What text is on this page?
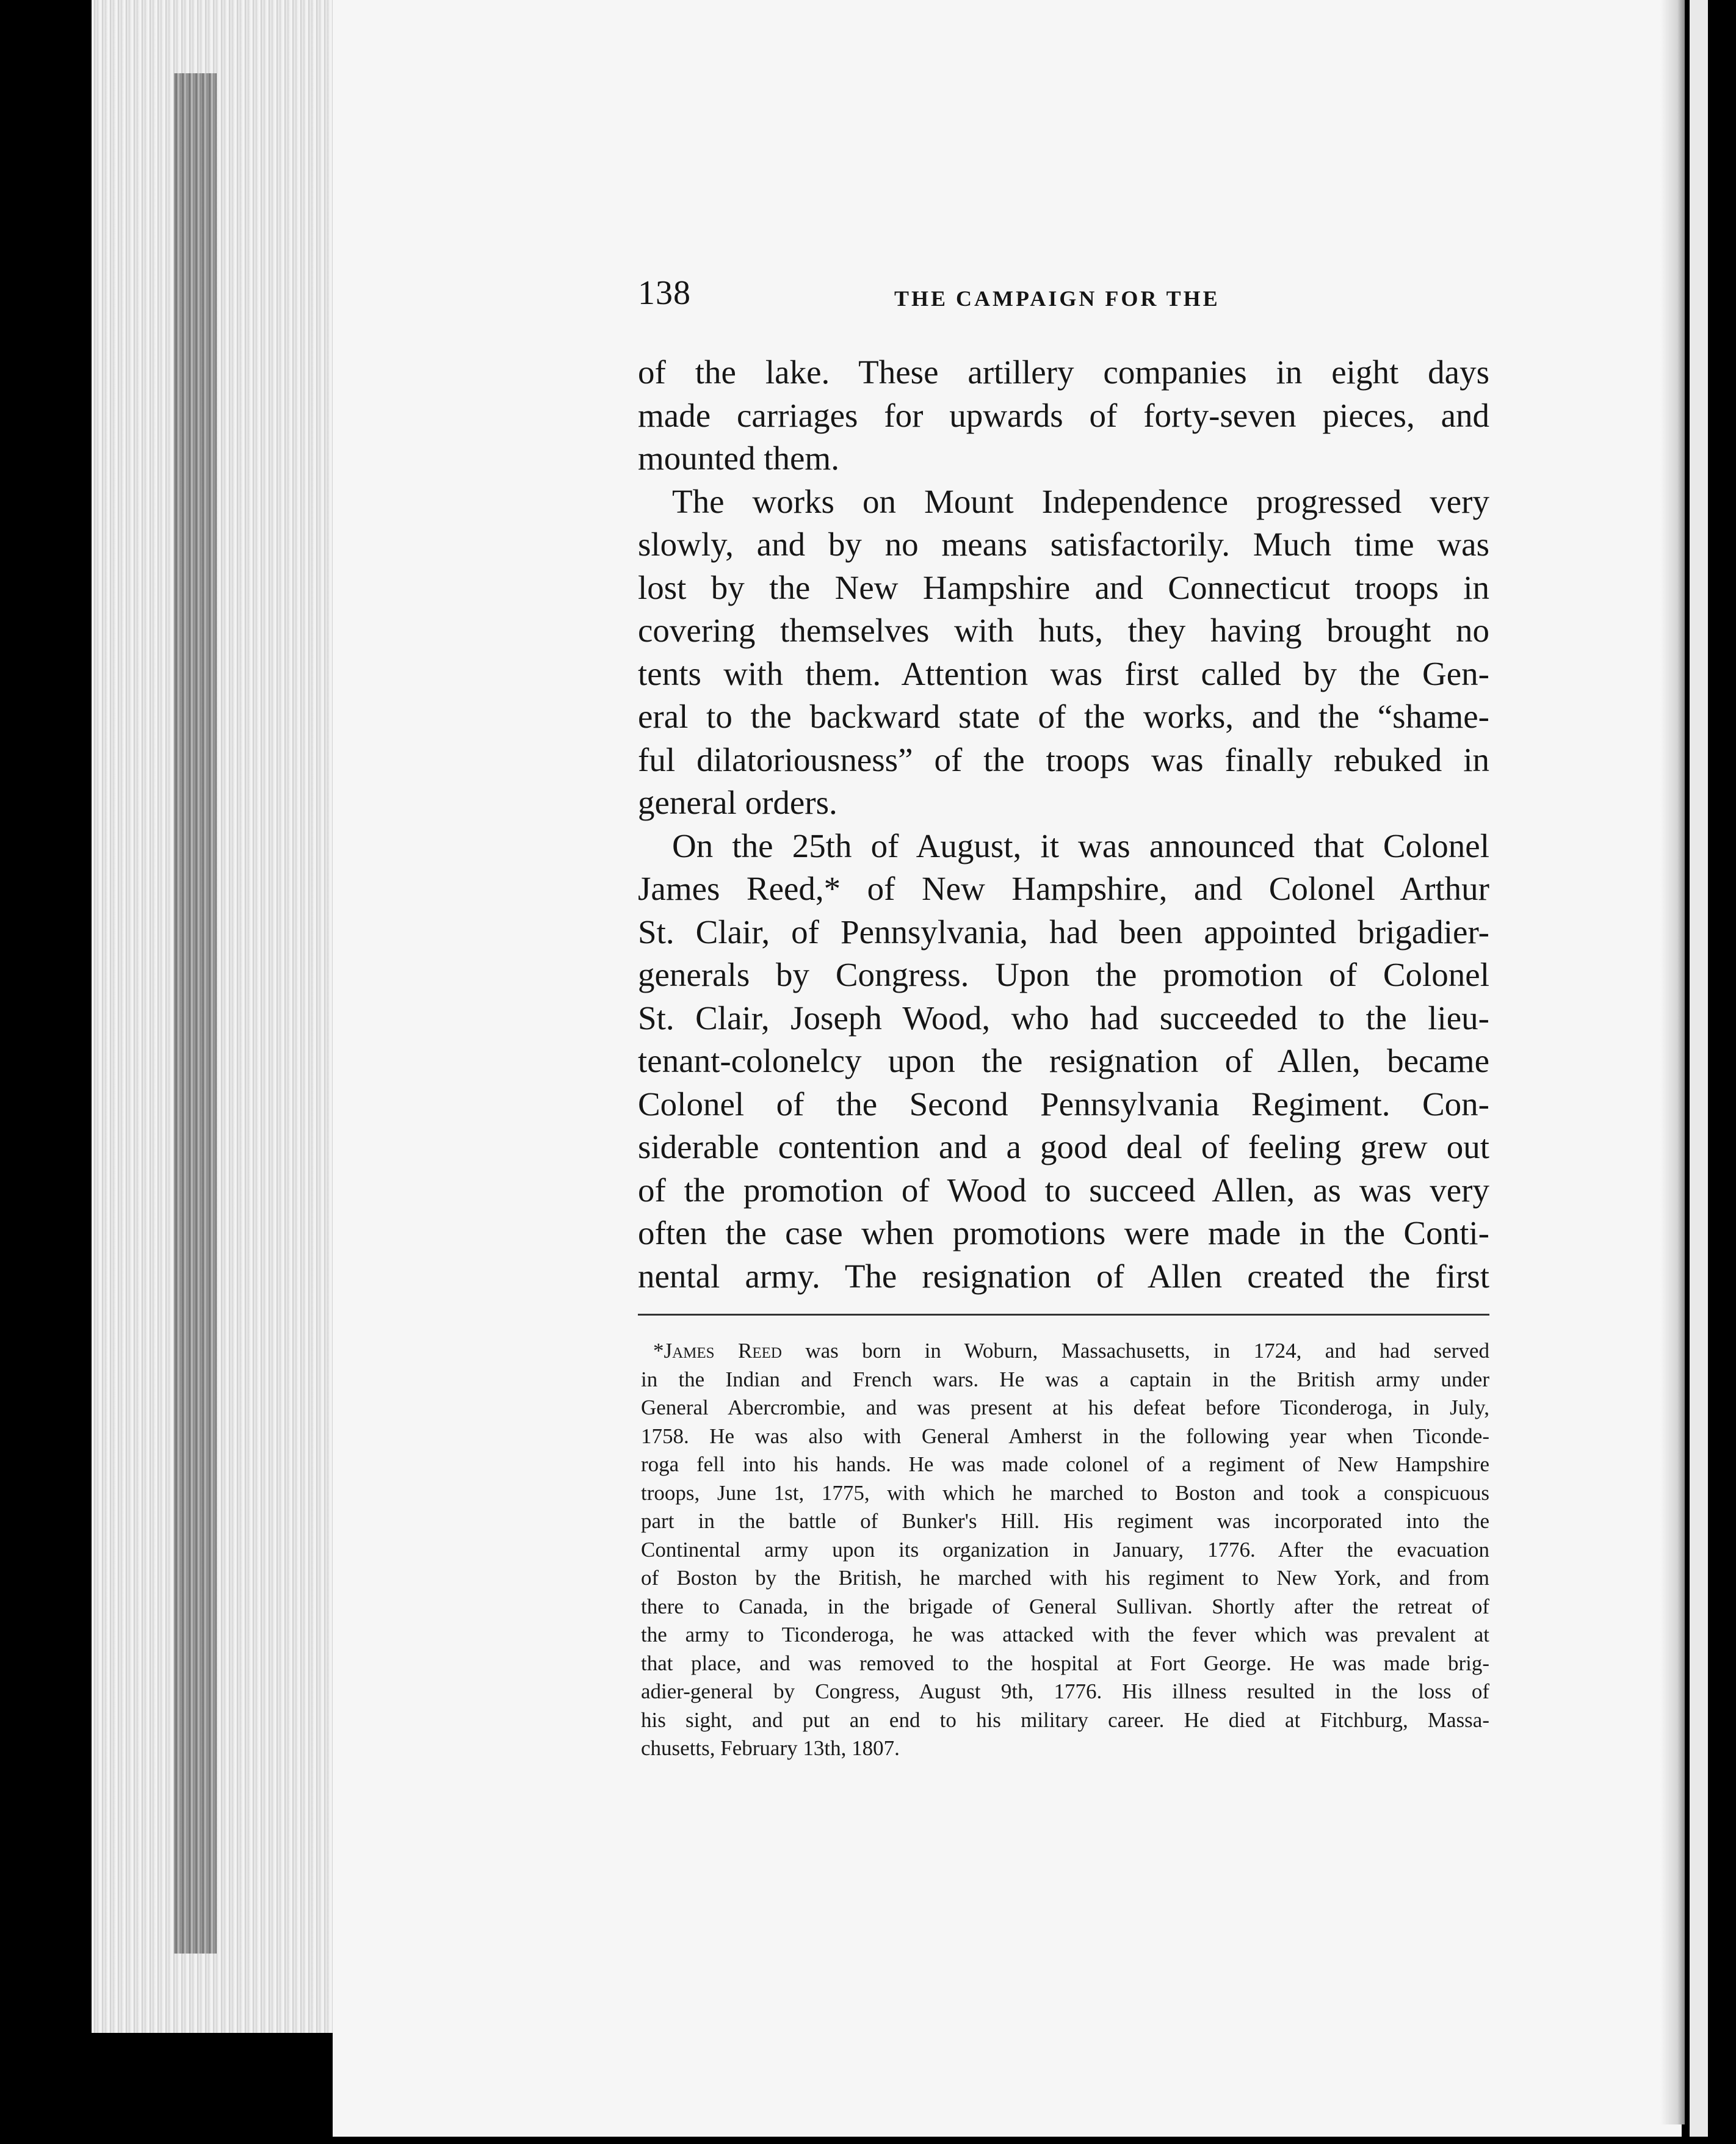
138	THE CAMPAIGN FOR THE
of the lake. These artillery companies in eight days
made carriages for upwards of forty-seven pieces, and
mounted them.
The works on Mount Independence progressed very
slowly, and by no means satisfactorily. Much time was
lost by the New Hampshire and Connecticut troops in
covering themselves with huts, they having brought no
tents with them. Attention was first called by the Gen-
eral to the backward state of the works, and the “shame-
ful dilatoriousness” of the troops was finally rebuked in
general orders.
On the 25th of August, it was announced that Colonel
James Reed,* of New Hampshire, and Colonel Arthur
St. Clair, of Pennsylvania, had been appointed brigadier-
generals by Congress. Upon the promotion of Colonel
St. Clair, Joseph Wood, who had succeeded to the lieu-
tenant-colonelcy upon the resignation of Allen, became
Colonel of the Second Pennsylvania Regiment. Con-
siderable contention and a good deal of feeling grew out
of the promotion of Wood to succeed Allen, as was very
often the case when promotions were made in the Conti-
nental army. The resignation of Allen created the first
*James Reed was born in Woburn, Massachusetts, in 1724, and had served
in the Indian and French wars. He was a captain in the British army under
General Abercrombie, and was present at his defeat before Ticonderoga, in July,
1758. He was also with General Amherst in the following year when Ticonde-
roga fell into his hands. He was made colonel of a regiment of New Hampshire
troops, June 1st, 1775, with which he marched to Boston and took a conspicuous
part in the battle of Bunker's Hill. His regiment was incorporated into the
Continental army upon its organization in January, 1776. After the evacuation
of Boston by the British, he marched with his regiment to New York, and from
there to Canada, in the brigade of General Sullivan. Shortly after the retreat of
the army to Ticonderoga, he was attacked with the fever which was prevalent at
that place, and was removed to the hospital at Fort George. He was made brig-
adier-general by Congress, August 9th, 1776. His illness resulted in the loss of
his sight, and put an end to his military career. He died at Fitchburg, Massa-
chusetts, February 13th, 1807.
